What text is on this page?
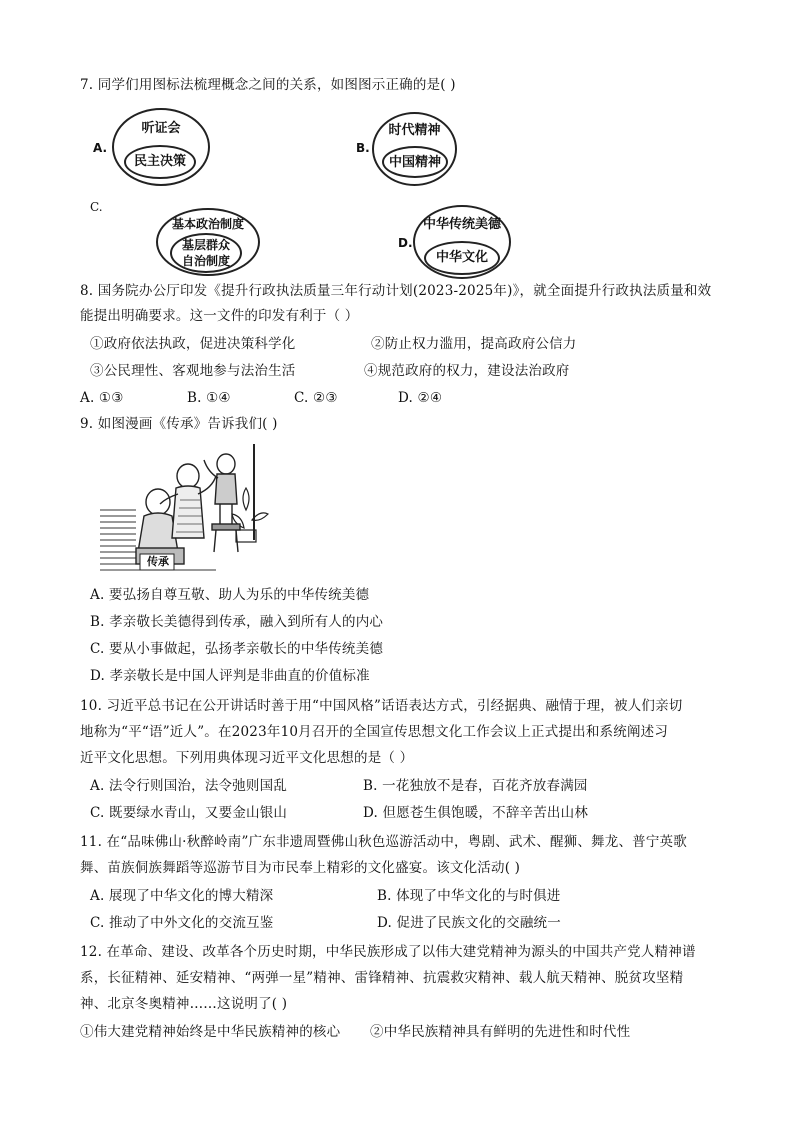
7. 同学们用图标法梳理概念之间的关系，如图图示正确的是( )
A.
听证会
民主决策
B.
时代精神
中国精神
C.
基本政治制度
基层群众
自治制度
D.
中华传统美德
中华文化
8. 国务院办公厅印发《提升行政执法质量三年行动计划(2023-2025年)》，就全面提升行政执法质量和效
能提出明确要求。这一文件的印发有利于（ ）
①政府依法执政，促进决策科学化	②防止权力滥用，提高政府公信力
③公民理性、客观地参与法治生活	④规范政府的权力，建设法治政府
A. ①③	B. ①④	C. ②③	D. ②④
9. 如图漫画《传承》告诉我们( )
传承
A. 要弘扬自尊互敬、助人为乐的中华传统美德
B. 孝亲敬长美德得到传承，融入到所有人的内心
C. 要从小事做起，弘扬孝亲敬长的中华传统美德
D. 孝亲敬长是中国人评判是非曲直的价值标准
10. 习近平总书记在公开讲话时善于用“中国风格”话语表达方式，引经据典、融情于理，被人们亲切
地称为“平“语”近人”。在2023年10月召开的全国宣传思想文化工作会议上正式提出和系统阐述习
近平文化思想。下列用典体现习近平文化思想的是（ ）
A. 法令行则国治，法令弛则国乱	B. 一花独放不是春，百花齐放春满园
C. 既要绿水青山，又要金山银山	D. 但愿苍生俱饱暖，不辞辛苦出山林
11. 在“品味佛山·秋醉岭南”广东非遗周暨佛山秋色巡游活动中，粤剧、武术、醒狮、舞龙、普宁英歌
舞、苗族侗族舞蹈等巡游节目为市民奉上精彩的文化盛宴。该文化活动( )
A. 展现了中华文化的博大精深	B. 体现了中华文化的与时俱进
C. 推动了中外文化的交流互鉴	D. 促进了民族文化的交融统一
12. 在革命、建设、改革各个历史时期，中华民族形成了以伟大建党精神为源头的中国共产党人精神谱
系，长征精神、延安精神、“两弹一星”精神、雷锋精神、抗震救灾精神、载人航天精神、脱贫攻坚精
神、北京冬奥精神……这说明了( )
①伟大建党精神始终是中华民族精神的核心 ②中华民族精神具有鲜明的先进性和时代性
